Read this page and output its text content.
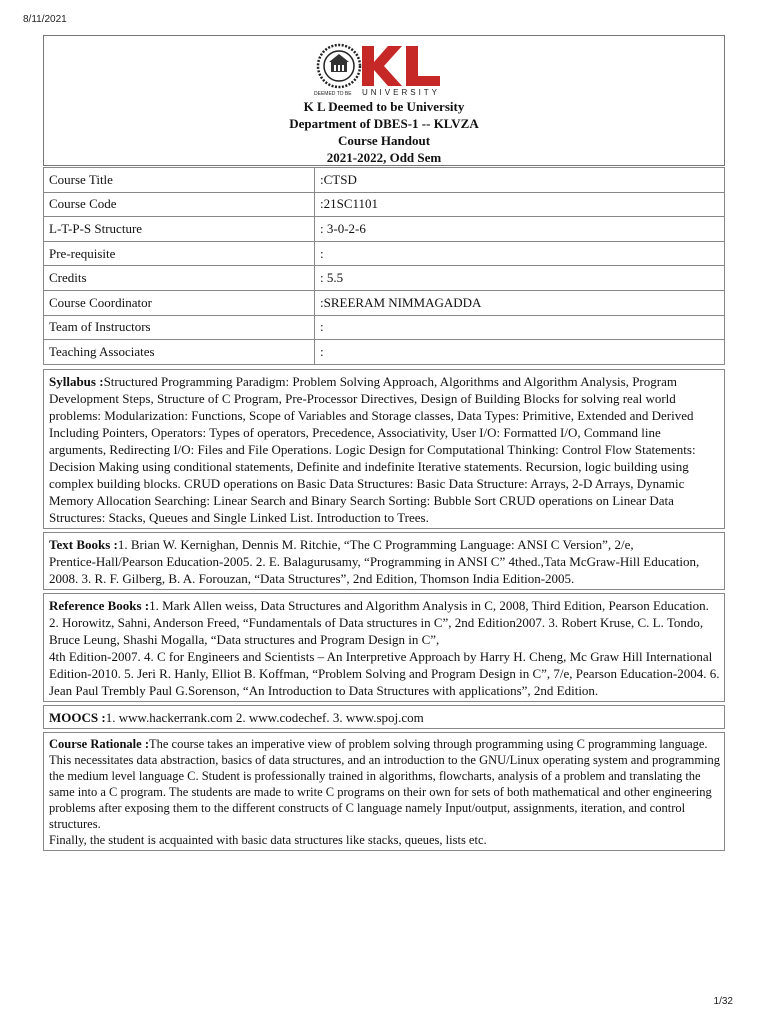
8/11/2021
DEEMED TO BE UNIVERSITY
K L Deemed to be University
Department of DBES-1 -- KLVZA
Course Handout
2021-2022, Odd Sem
Course Title	:CTSD
Course Code	:21SC1101
L-T-P-S Structure	: 3-0-2-6
Pre-requisite	:
Credits	: 5.5
Course Coordinator	:SREERAM NIMMAGADDA
Team of Instructors	:
Teaching Associates	:
Syllabus :Structured Programming Paradigm: Problem Solving Approach, Algorithms and Algorithm Analysis, Program Development Steps, Structure of C Program, Pre-Processor Directives, Design of Building Blocks for solving real world problems: Modularization: Functions, Scope of Variables and Storage classes, Data Types: Primitive, Extended and Derived Including Pointers, Operators: Types of operators, Precedence, Associativity, User I/O: Formatted I/O, Command line arguments, Redirecting I/O: Files and File Operations. Logic Design for Computational Thinking: Control Flow Statements: Decision Making using conditional statements, Definite and indefinite Iterative statements. Recursion, logic building using complex building blocks. CRUD operations on Basic Data Structures: Basic Data Structure: Arrays, 2-D Arrays, Dynamic Memory Allocation Searching: Linear Search and Binary Search Sorting: Bubble Sort CRUD operations on Linear Data Structures: Stacks, Queues and Single Linked List. Introduction to Trees.
Text Books :1. Brian W. Kernighan, Dennis M. Ritchie, “The C Programming Language: ANSI C Version”, 2/e,
Prentice-Hall/Pearson Education-2005. 2. E. Balagurusamy, “Programming in ANSI C” 4thed.,Tata McGraw-Hill Education, 2008. 3. R. F. Gilberg, B. A. Forouzan, “Data Structures”, 2nd Edition, Thomson India Edition-2005.
Reference Books :1. Mark Allen weiss, Data Structures and Algorithm Analysis in C, 2008, Third Edition, Pearson Education. 2. Horowitz, Sahni, Anderson Freed, “Fundamentals of Data structures in C”, 2nd Edition2007. 3. Robert Kruse, C. L. Tondo, Bruce Leung, Shashi Mogalla, “Data structures and Program Design in C”,
4th Edition-2007. 4. C for Engineers and Scientists – An Interpretive Approach by Harry H. Cheng, Mc Graw Hill International Edition-2010. 5. Jeri R. Hanly, Elliot B. Koffman, “Problem Solving and Program Design in C”, 7/e, Pearson Education-2004. 6. Jean Paul Trembly Paul G.Sorenson, “An Introduction to Data Structures with applications”, 2nd Edition.
MOOCS :1. www.hackerrank.com 2. www.codechef. 3. www.spoj.com
Course Rationale :The course takes an imperative view of problem solving through programming using C programming language. This necessitates data abstraction, basics of data structures, and an introduction to the GNU/Linux operating system and programming the medium level language C. Student is professionally trained in algorithms, flowcharts, analysis of a problem and translating the same into a C program. The students are made to write C programs on their own for sets of both mathematical and other engineering problems after exposing them to the different constructs of C language namely Input/output, assignments, iteration, and control structures.
Finally, the student is acquainted with basic data structures like stacks, queues, lists etc.
1/32
